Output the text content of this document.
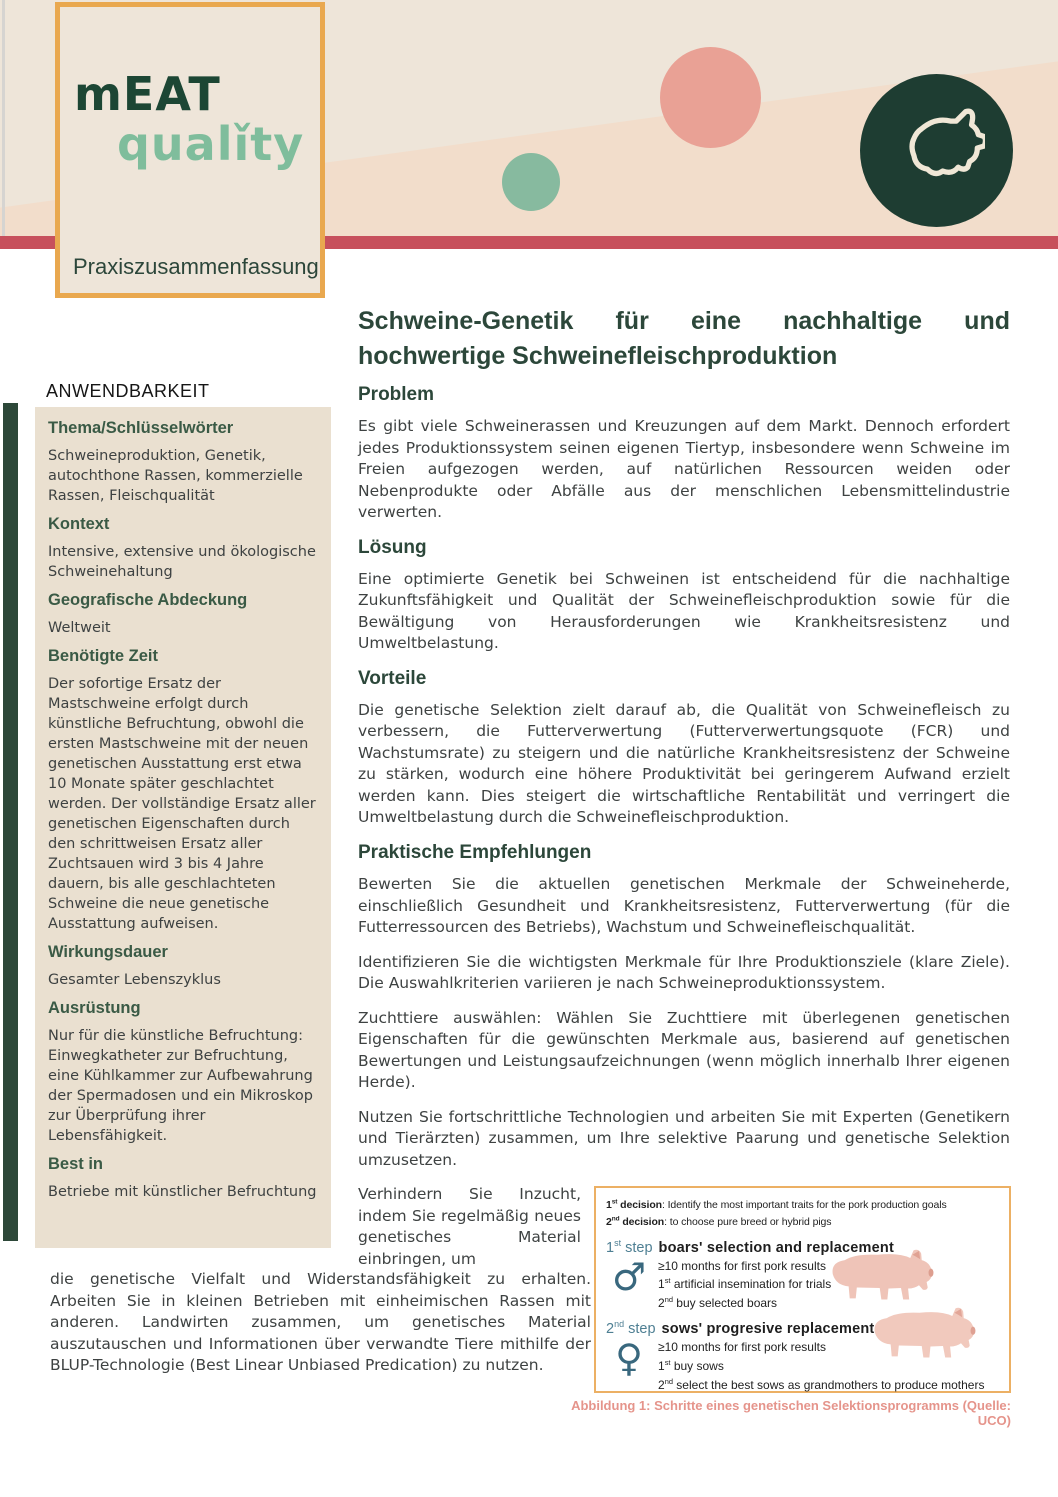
mEAT
qualǐty
Praxiszusammenfassung
ANWENDBARKEIT
Thema/Schlüsselwörter

Schweineproduktion, Genetik, autochthone Rassen, kommerzielle Rassen, Fleischqualität

Kontext

Intensive, extensive und ökologische Schweinehaltung

Geografische Abdeckung

Weltweit

Benötigte Zeit

Der sofortige Ersatz der Mastschweine erfolgt durch künstliche Befruchtung, obwohl die ersten Mastschweine mit der neuen genetischen Ausstattung erst etwa 10 Monate später geschlachtet werden. Der vollständige Ersatz aller genetischen Eigenschaften durch den schrittweisen Ersatz aller Zuchtsauen wird 3 bis 4 Jahre dauern, bis alle geschlachteten Schweine die neue genetische Ausstattung aufweisen.

Wirkungsdauer

Gesamter Lebenszyklus

Ausrüstung

Nur für die künstliche Befruchtung: Einwegkatheter zur Befruchtung, eine Kühlkammer zur Aufbewahrung der Spermadosen und ein Mikroskop zur Überprüfung ihrer Lebensfähigkeit.

Best in

Betriebe mit künstlicher Befruchtung

Schweine-Genetik für eine nachhaltige und hochwertige Schweinefleischproduktion
Problem

Es gibt viele Schweinerassen und Kreuzungen auf dem Markt. Dennoch erfordert jedes Produktionssystem seinen eigenen Tiertyp, insbesondere wenn Schweine im Freien aufgezogen werden, auf natürlichen Ressourcen weiden oder Nebenprodukte oder Abfälle aus der menschlichen Lebensmittelindustrie verwerten.

Lösung

Eine optimierte Genetik bei Schweinen ist entscheidend für die nachhaltige Zukunftsfähigkeit und Qualität der Schweinefleischproduktion sowie für die Bewältigung von Herausforderungen wie Krankheitsresistenz und Umweltbelastung.

Vorteile

Die genetische Selektion zielt darauf ab, die Qualität von Schweinefleisch zu verbessern, die Futterverwertung (Futterverwertungsquote (FCR) und Wachstumsrate) zu steigern und die natürliche Krankheitsresistenz der Schweine zu stärken, wodurch eine höhere Produktivität bei geringerem Aufwand erzielt werden kann. Dies steigert die wirtschaftliche Rentabilität und verringert die Umweltbelastung durch die Schweinefleischproduktion.

Praktische Empfehlungen

Bewerten Sie die aktuellen genetischen Merkmale der Schweineherde, einschließlich Gesundheit und Krankheitsresistenz, Futterverwertung (für die Futterressourcen des Betriebs), Wachstum und Schweinefleischqualität.

Identifizieren Sie die wichtigsten Merkmale für Ihre Produktionsziele (klare Ziele). Die Auswahlkriterien variieren je nach Schweineproduktionssystem.

Zuchttiere auswählen: Wählen Sie Zuchttiere mit überlegenen genetischen Eigenschaften für die gewünschten Merkmale aus, basierend auf genetischen Bewertungen und Leistungsaufzeichnungen (wenn möglich innerhalb Ihrer eigenen Herde).

Nutzen Sie fortschrittliche Technologien und arbeiten Sie mit Experten (Genetikern und Tierärzten) zusammen, um Ihre selektive Paarung und genetische Selektion umzusetzen.

Verhindern Sie Inzucht, indem Sie regelmäßig neues genetisches Material einbringen, um

die genetische Vielfalt und Widerstandsfähigkeit zu erhalten. Arbeiten Sie in kleinen Betrieben mit einheimischen Rassen mit anderen. Landwirten zusammen, um genetisches Material auszutauschen und Informationen über verwandte Tiere mithilfe der BLUP-Technologie (Best Linear Unbiased Predication) zu nutzen.
1st decision: Identify the most important traits for the pork production goals
2nd decision: to choose pure breed or hybrid pigs
1st step boars' selection and replacement
♂ ≥10 months for first pork results
1st artificial insemination for trials
2nd buy selected boars
2nd step sows' progresive replacement
♀	≥10 months for first pork results
1st buy sows
2nd select the best sows as grandmothers to produce mothers
Abbildung 1: Schritte eines genetischen Selektionsprogramms (Quelle: UCO)
